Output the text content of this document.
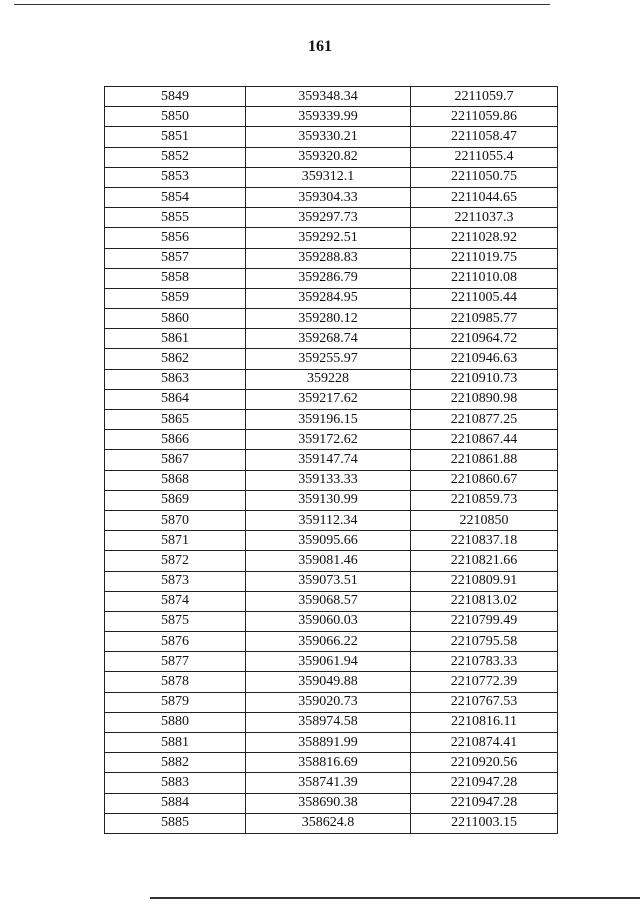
161
5849	359348.34	2211059.7
5850	359339.99	2211059.86
5851	359330.21	2211058.47
5852	359320.82	2211055.4
5853	359312.1	2211050.75
5854	359304.33	2211044.65
5855	359297.73	2211037.3
5856	359292.51	2211028.92
5857	359288.83	2211019.75
5858	359286.79	2211010.08
5859	359284.95	2211005.44
5860	359280.12	2210985.77
5861	359268.74	2210964.72
5862	359255.97	2210946.63
5863	359228	2210910.73
5864	359217.62	2210890.98
5865	359196.15	2210877.25
5866	359172.62	2210867.44
5867	359147.74	2210861.88
5868	359133.33	2210860.67
5869	359130.99	2210859.73
5870	359112.34	2210850
5871	359095.66	2210837.18
5872	359081.46	2210821.66
5873	359073.51	2210809.91
5874	359068.57	2210813.02
5875	359060.03	2210799.49
5876	359066.22	2210795.58
5877	359061.94	2210783.33
5878	359049.88	2210772.39
5879	359020.73	2210767.53
5880	358974.58	2210816.11
5881	358891.99	2210874.41
5882	358816.69	2210920.56
5883	358741.39	2210947.28
5884	358690.38	2210947.28
5885	358624.8	2211003.15
